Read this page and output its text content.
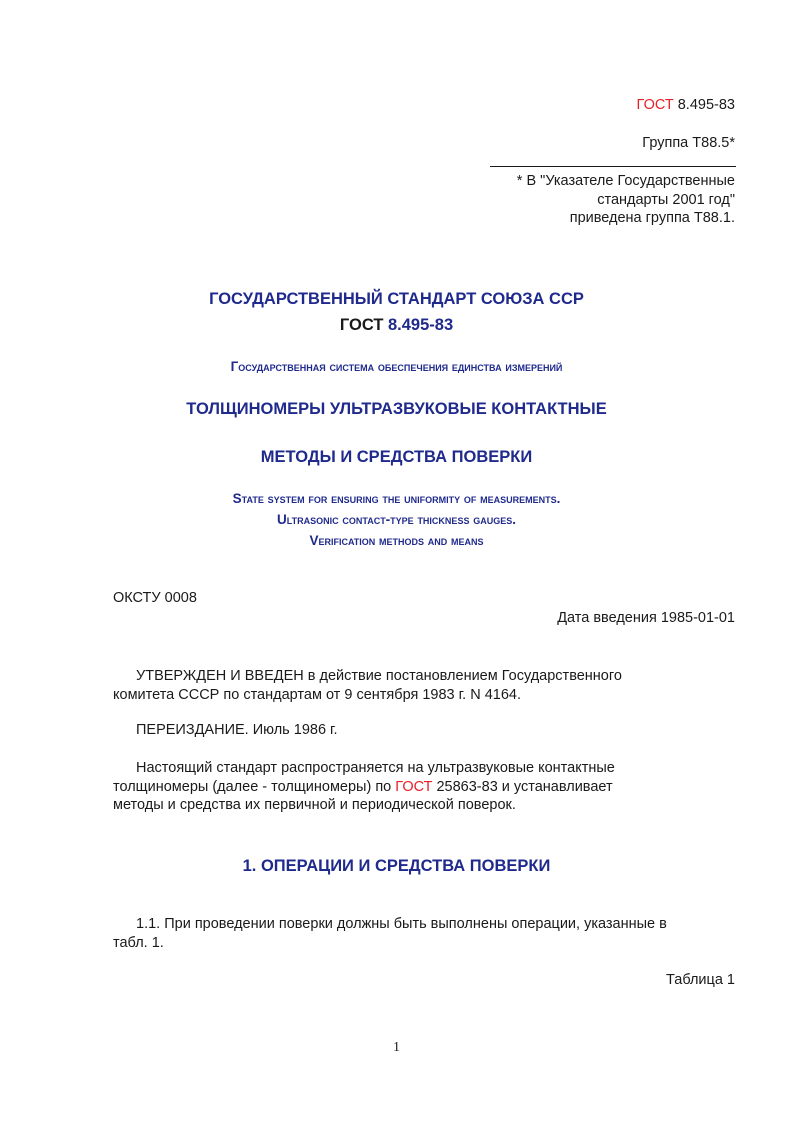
ГОСТ 8.495-83
Группа Т88.5*
* В "Указателе Государственные
стандарты 2001 год"
приведена группа Т88.1.
ГОСУДАРСТВЕННЫЙ СТАНДАРТ СОЮЗА ССР
ГОСТ 8.495-83
Государственная система обеспечения единства измерений
ТОЛЩИНОМЕРЫ УЛЬТРАЗВУКОВЫЕ КОНТАКТНЫЕ
МЕТОДЫ И СРЕДСТВА ПОВЕРКИ
State system for ensuring the uniformity of measurements.
Ultrasonic contact-type thickness gauges.
Verification methods and means
ОКСТУ 0008
Дата введения 1985-01-01
УТВЕРЖДЕН И ВВЕДЕН в действие постановлением Государственного
комитета СССР по стандартам от 9 сентября 1983 г. N 4164.
ПЕРЕИЗДАНИЕ. Июль 1986 г.
Настоящий стандарт распространяется на ультразвуковые контактные
толщиномеры (далее - толщиномеры) по ГОСТ 25863-83 и устанавливает
методы и средства их первичной и периодической поверок.
1. ОПЕРАЦИИ И СРЕДСТВА ПОВЕРКИ
1.1. При проведении поверки должны быть выполнены операции, указанные в
табл. 1.
Таблица 1
1
